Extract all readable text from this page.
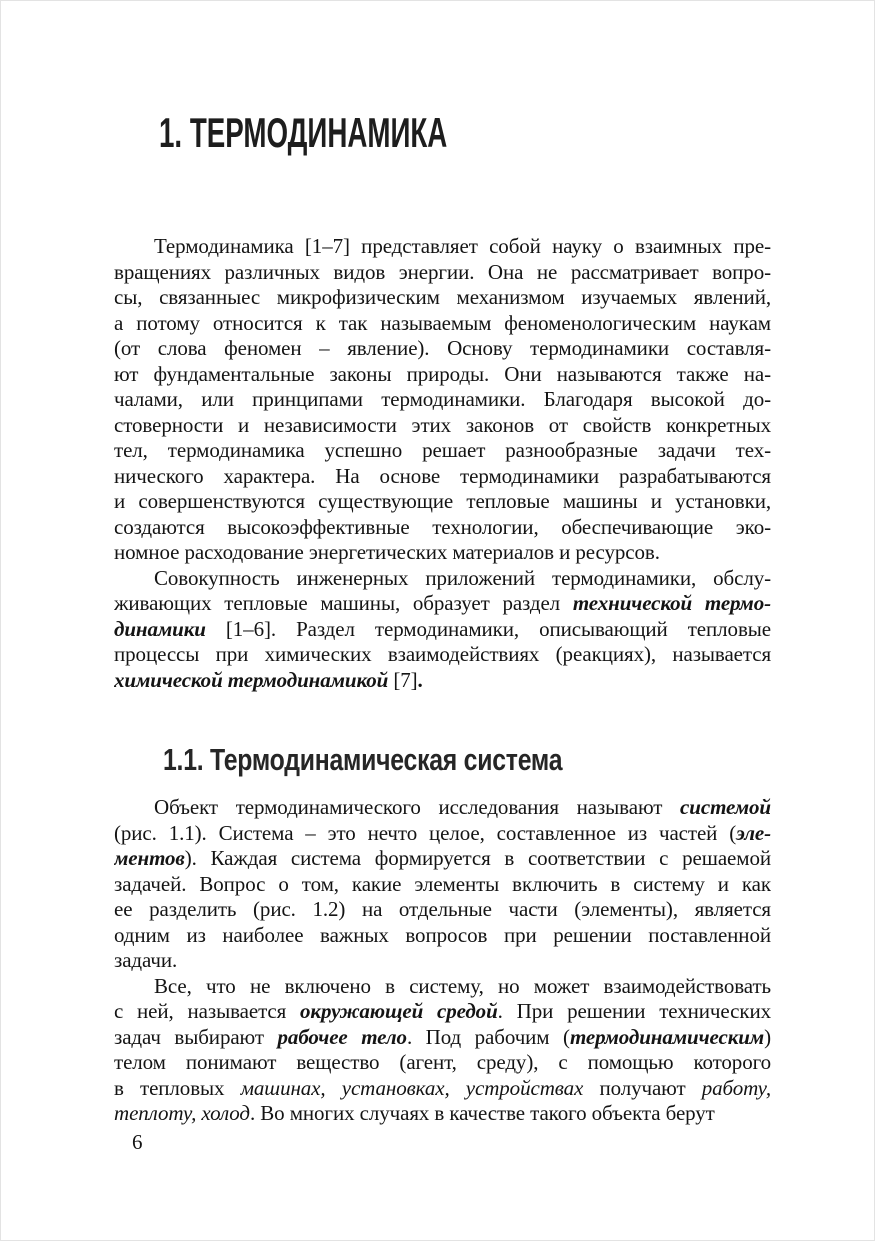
1. ТЕРМОДИНАМИКА
Термодинамика [1–7] представляет собой науку о взаимных пре-
вращениях различных видов энергии. Она не рассматривает вопро-
сы, связанныес микрофизическим механизмом изучаемых явлений,
а потому относится к так называемым феноменологическим наукам
(от слова феномен – явление). Основу термодинамики составля-
ют фундаментальные законы природы. Они называются также на-
чалами, или принципами термодинамики. Благодаря высокой до-
стоверности и независимости этих законов от свойств конкретных
тел, термодинамика успешно решает разнообразные задачи тех-
нического характера. На основе термодинамики разрабатываются
и совершенствуются существующие тепловые машины и установки,
создаются высокоэффективные технологии, обеспечивающие эко-
номное расходование энергетических материалов и ресурсов.
Совокупность инженерных приложений термодинамики, обслу-
живающих тепловые машины, образует раздел технической термо-
динамики [1–6]. Раздел термодинамики, описывающий тепловые
процессы при химических взаимодействиях (реакциях), называется
химической термодинамикой [7].
1.1. Термодинамическая система
Объект термодинамического исследования называют системой
(рис. 1.1). Система – это нечто целое, составленное из частей (эле-
ментов). Каждая система формируется в соответствии с решаемой
задачей. Вопрос о том, какие элементы включить в систему и как
ее разделить (рис. 1.2) на отдельные части (элементы), является
одним из наиболее важных вопросов при решении поставленной
задачи.
Все, что не включено в систему, но может взаимодействовать
с ней, называется окружающей средой. При решении технических
задач выбирают рабочее тело. Под рабочим (термодинамическим)
телом понимают вещество (агент, среду), с помощью которого
в тепловых машинах, установках, устройствах получают работу,
теплоту, холод. Во многих случаях в качестве такого объекта берут
6
